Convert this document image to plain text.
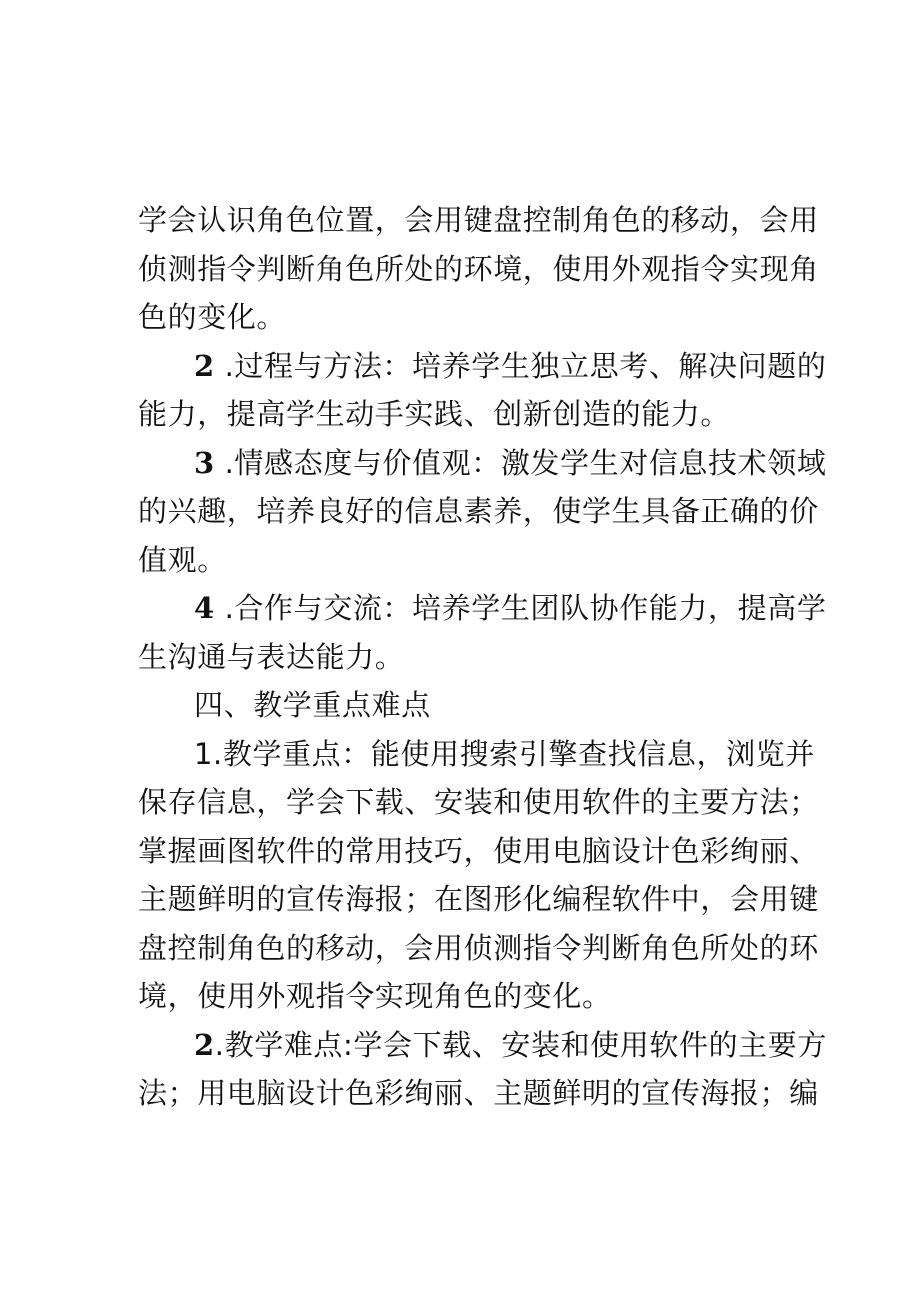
学会认识角色位置，会用键盘控制角色的移动，会用
侦测指令判断角色所处的环境，使用外观指令实现角
色的变化。
2 .过程与方法：培养学生独立思考、解决问题的
能力，提高学生动手实践、创新创造的能力。
3 .情感态度与价值观：激发学生对信息技术领域
的兴趣，培养良好的信息素养，使学生具备正确的价
值观。
4 .合作与交流：培养学生团队协作能力，提高学
生沟通与表达能力。
四、教学重点难点
1.教学重点：能使用搜索引擎查找信息，浏览并
保存信息，学会下载、安装和使用软件的主要方法；
掌握画图软件的常用技巧，使用电脑设计色彩绚丽、
主题鲜明的宣传海报；在图形化编程软件中，会用键
盘控制角色的移动，会用侦测指令判断角色所处的环
境，使用外观指令实现角色的变化。
2.教学难点:学会下载、安装和使用软件的主要方
法；用电脑设计色彩绚丽、主题鲜明的宣传海报；编
